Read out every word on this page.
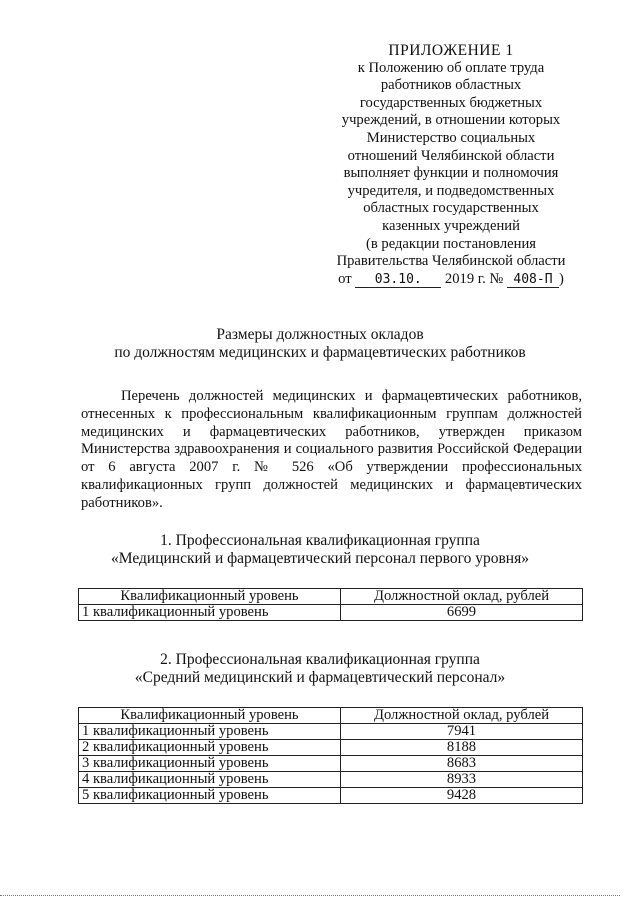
ПРИЛОЖЕНИЕ 1
к Положению об оплате труда
работников областных
государственных бюджетных
учреждений, в отношении которых
Министерство социальных
отношений Челябинской области
выполняет функции и полномочия
учредителя, и подведомственных
областных государственных
казенных учреждений
(в редакции постановления
Правительства Челябинской области
от 03.10. 2019 г. № 408-П )
Размеры должностных окладов
по должностям медицинских и фармацевтических работников
Перечень должностей медицинских и фармацевтических работников, отнесенных к профессиональным квалификационным группам должностей медицинских и фармацевтических работников, утвержден приказом Министерства здравоохранения и социального развития Российской Федерации от 6 августа 2007 г. № 526 «Об утверждении профессиональных квалификационных групп должностей медицинских и фармацевтических работников».
1. Профессиональная квалификационная группа
«Медицинский и фармацевтический персонал первого уровня»
Квалификационный уровень	Должностной оклад, рублей
1 квалификационный уровень	6699
2. Профессиональная квалификационная группа
«Средний медицинский и фармацевтический персонал»
Квалификационный уровень	Должностной оклад, рублей
1 квалификационный уровень	7941
2 квалификационный уровень	8188
3 квалификационный уровень	8683
4 квалификационный уровень	8933
5 квалификационный уровень	9428
